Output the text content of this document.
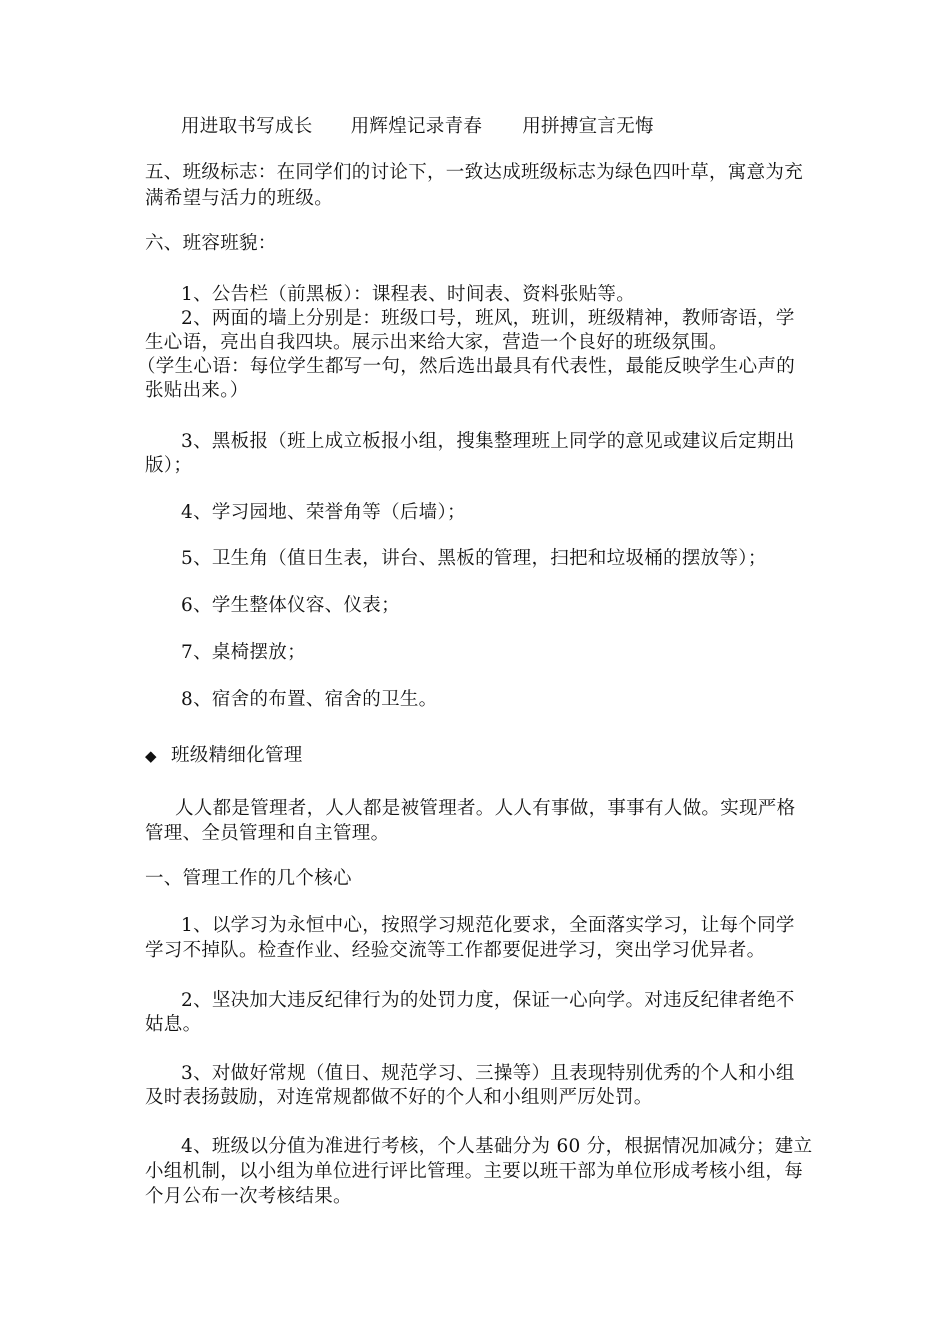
用进取书写成长 用辉煌记录青春 用拼搏宣言无悔
五、班级标志：在同学们的讨论下，一致达成班级标志为绿色四叶草，寓意为充
满希望与活力的班级。
六、班容班貌：
1、公告栏（前黑板）：课程表、时间表、资料张贴等。
2、两面的墙上分别是：班级口号，班风，班训，班级精神，教师寄语，学
生心语，亮出自我四块。展示出来给大家，营造一个良好的班级氛围。
（学生心语：每位学生都写一句，然后选出最具有代表性，最能反映学生心声的
张贴出来。）
3、黑板报（班上成立板报小组，搜集整理班上同学的意见或建议后定期出
版）；
4、学习园地、荣誉角等（后墙）；
5、卫生角（值日生表，讲台、黑板的管理，扫把和垃圾桶的摆放等）；
6、学生整体仪容、仪表；
7、桌椅摆放；
8、宿舍的布置、宿舍的卫生。
◆ 班级精细化管理
人人都是管理者，人人都是被管理者。人人有事做，事事有人做。实现严格
管理、全员管理和自主管理。
一、管理工作的几个核心
1、以学习为永恒中心，按照学习规范化要求，全面落实学习，让每个同学
学习不掉队。检查作业、经验交流等工作都要促进学习，突出学习优异者。
2、坚决加大违反纪律行为的处罚力度，保证一心向学。对违反纪律者绝不
姑息。
3、对做好常规（值日、规范学习、三操等）且表现特别优秀的个人和小组
及时表扬鼓励，对连常规都做不好的个人和小组则严厉处罚。
4、班级以分值为准进行考核，个人基础分为 60 分，根据情况加减分；建立
小组机制，以小组为单位进行评比管理。主要以班干部为单位形成考核小组，每
个月公布一次考核结果。
